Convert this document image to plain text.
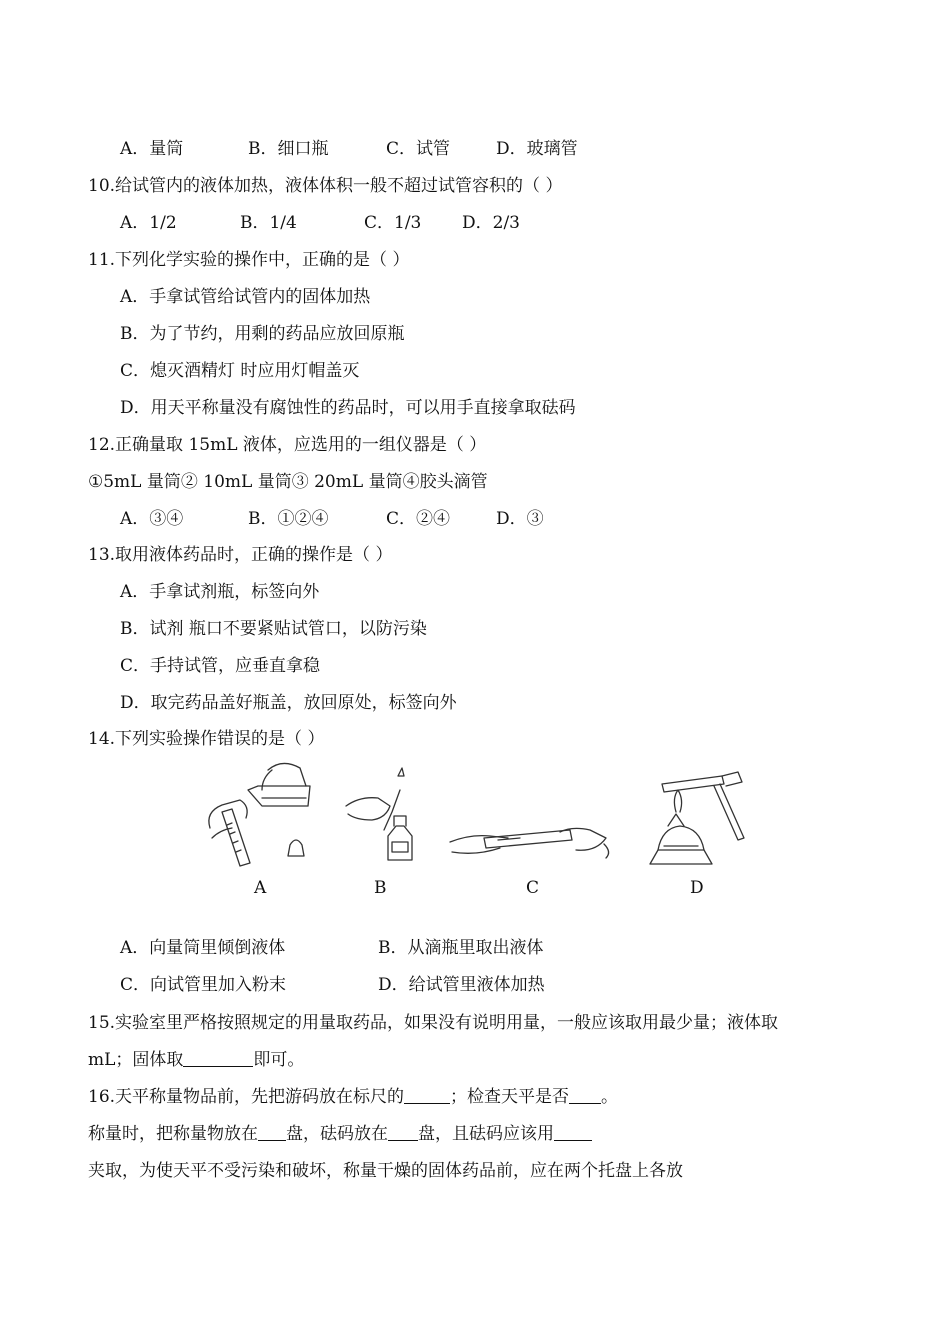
A．量筒	B．细口瓶	C．试管	D．玻璃管
10.给试管内的液体加热，液体体积一般不超过试管容积的（ ）
A．1/2	B．1/4	C．1/3 D．2/3
11.下列化学实验的操作中，正确的是（ ）
A．手拿试管给试管内的固体加热
B．为了节约，用剩的药品应放回原瓶
C．熄灭酒精灯 时应用灯帽盖灭
D．用天平称量没有腐蚀性的药品时，可以用手直接拿取砝码
12.正确量取 15mL 液体，应选用的一组仪器是（ ）
①5mL 量筒② 10mL 量筒③ 20mL 量筒④胶头滴管
A．③④	B．①②④	C．②④	D．③
13.取用液体药品时，正确的操作是（ ）
A．手拿试剂瓶，标签向外
B．试剂 瓶口不要紧贴试管口，以防污染
C．手持试管，应垂直拿稳
D．取完药品盖好瓶盖，放回原处，标签向外
14.下列实验操作错误的是（ ）
A	B	C	D
A．向量筒里倾倒液体	B．从滴瓶里取出液体
C．向试管里加入粉末	D．给试管里液体加热
15.实验室里严格按照规定的用量取药品，如果没有说明用量，一般应该取用最少量；液体取
mL；固体取	即可。
16.天平称量物品前，先把游码放在标尺的	；检查天平是否 。
称量时，把称量物放在 盘，砝码放在 盘，且砝码应该用
夹取，为使天平不受污染和破坏，称量干燥的固体药品前，应在两个托盘上各放
